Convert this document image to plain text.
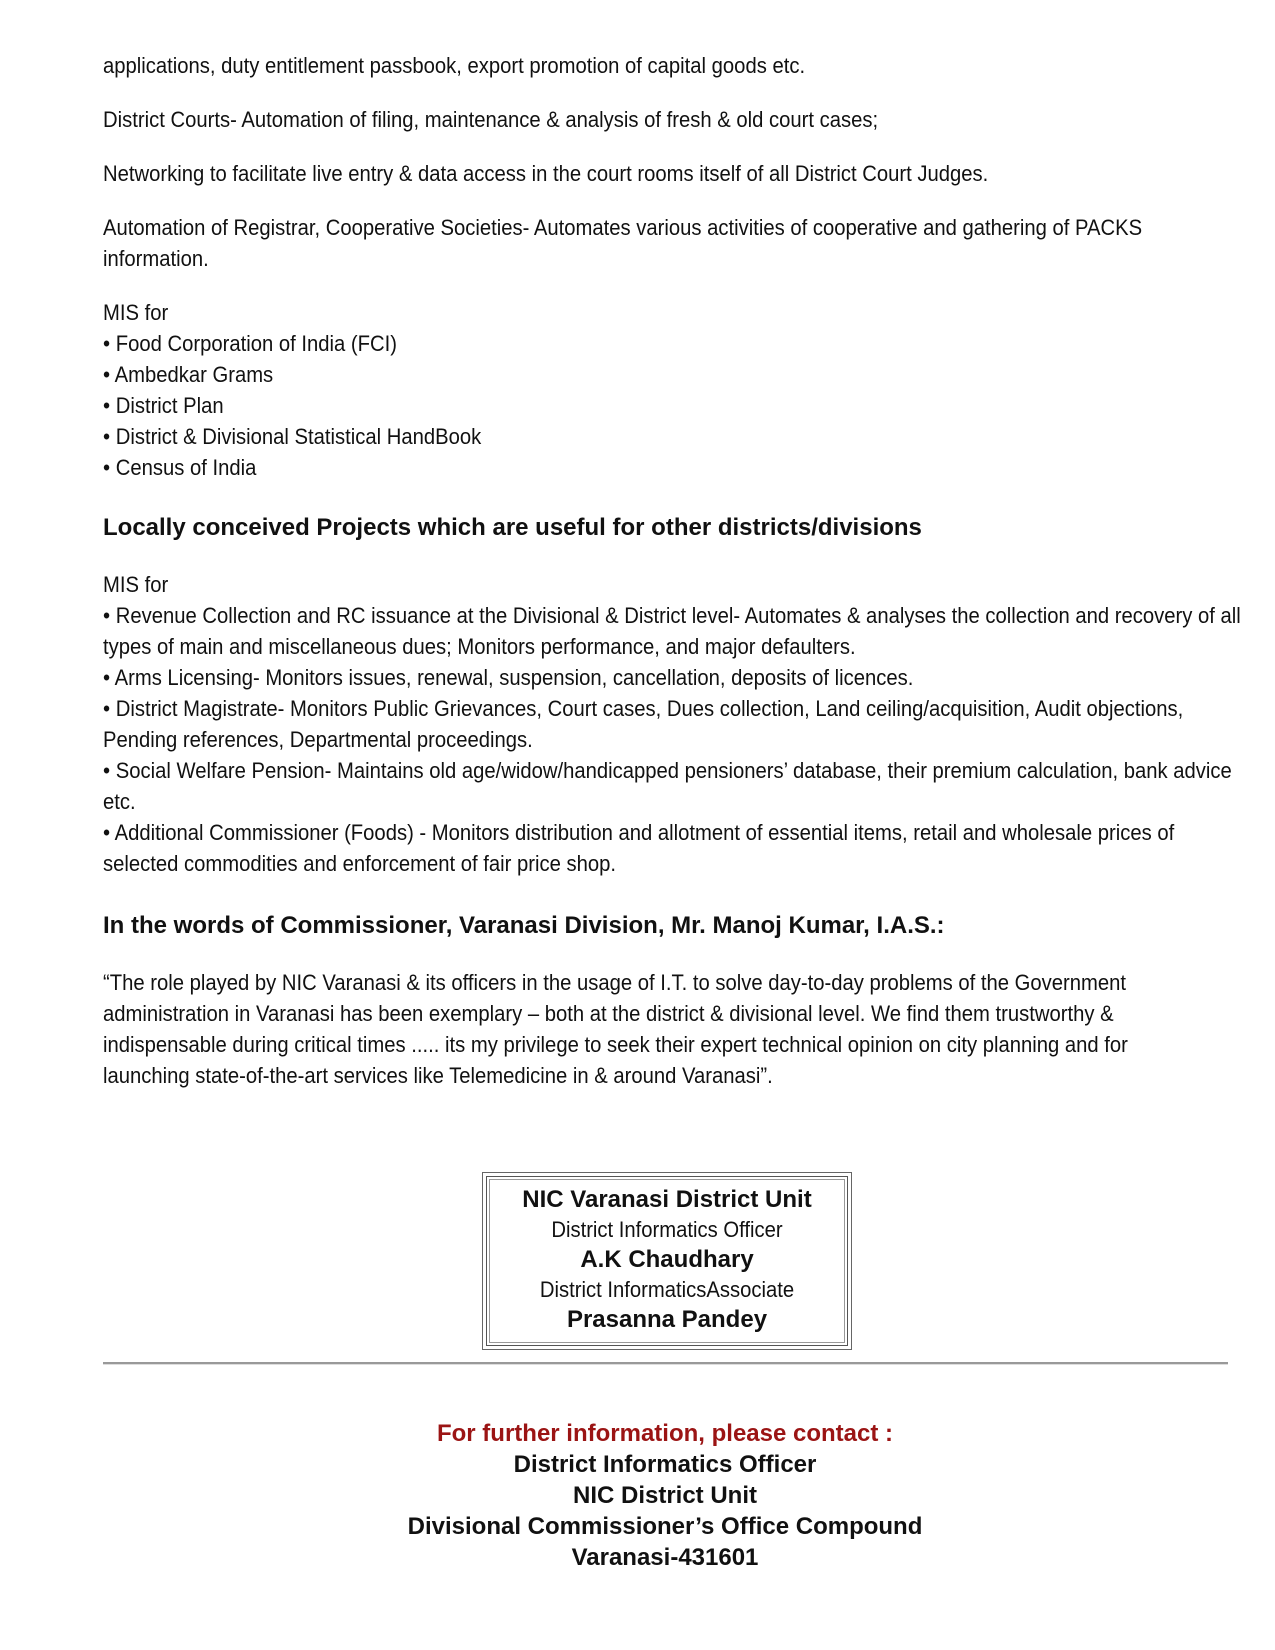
applications, duty entitlement passbook, export promotion of capital goods etc.

District Courts- Automation of filing, maintenance & analysis of fresh & old court cases;

Networking to facilitate live entry & data access in the court rooms itself of all District Court Judges.

Automation of Registrar, Cooperative Societies- Automates various activities of cooperative and gathering of PACKS information.

MIS for
• Food Corporation of India (FCI)
• Ambedkar Grams
• District Plan
• District & Divisional Statistical HandBook
• Census of India
Locally conceived Projects which are useful for other districts/divisions
MIS for
• Revenue Collection and RC issuance at the Divisional & District level- Automates & analyses the collection and recovery of all types of main and miscellaneous dues; Monitors performance, and major defaulters.
• Arms Licensing- Monitors issues, renewal, suspension, cancellation, deposits of licences.
• District Magistrate- Monitors Public Grievances, Court cases, Dues collection, Land ceiling/acquisition, Audit objections, Pending references, Departmental proceedings.
• Social Welfare Pension- Maintains old age/widow/handicapped pensioners’ database, their premium calculation, bank advice etc.
• Additional Commissioner (Foods) - Monitors distribution and allotment of essential items, retail and wholesale prices of selected commodities and enforcement of fair price shop.
In the words of Commissioner, Varanasi Division, Mr. Manoj Kumar, I.A.S.:

“The role played by NIC Varanasi & its officers in the usage of I.T. to solve day-to-day problems of the Government administration in Varanasi has been exemplary – both at the district & divisional level. We find them trustworthy & indispensable during critical times ..... its my privilege to seek their expert technical opinion on city planning and for launching state-of-the-art services like Telemedicine in & around Varanasi”.

NIC Varanasi District Unit
District Informatics Officer
A.K Chaudhary
District InformaticsAssociate
Prasanna Pandey
For further information, please contact :
District Informatics Officer
NIC District Unit
Divisional Commissioner’s Office Compound
Varanasi-431601
